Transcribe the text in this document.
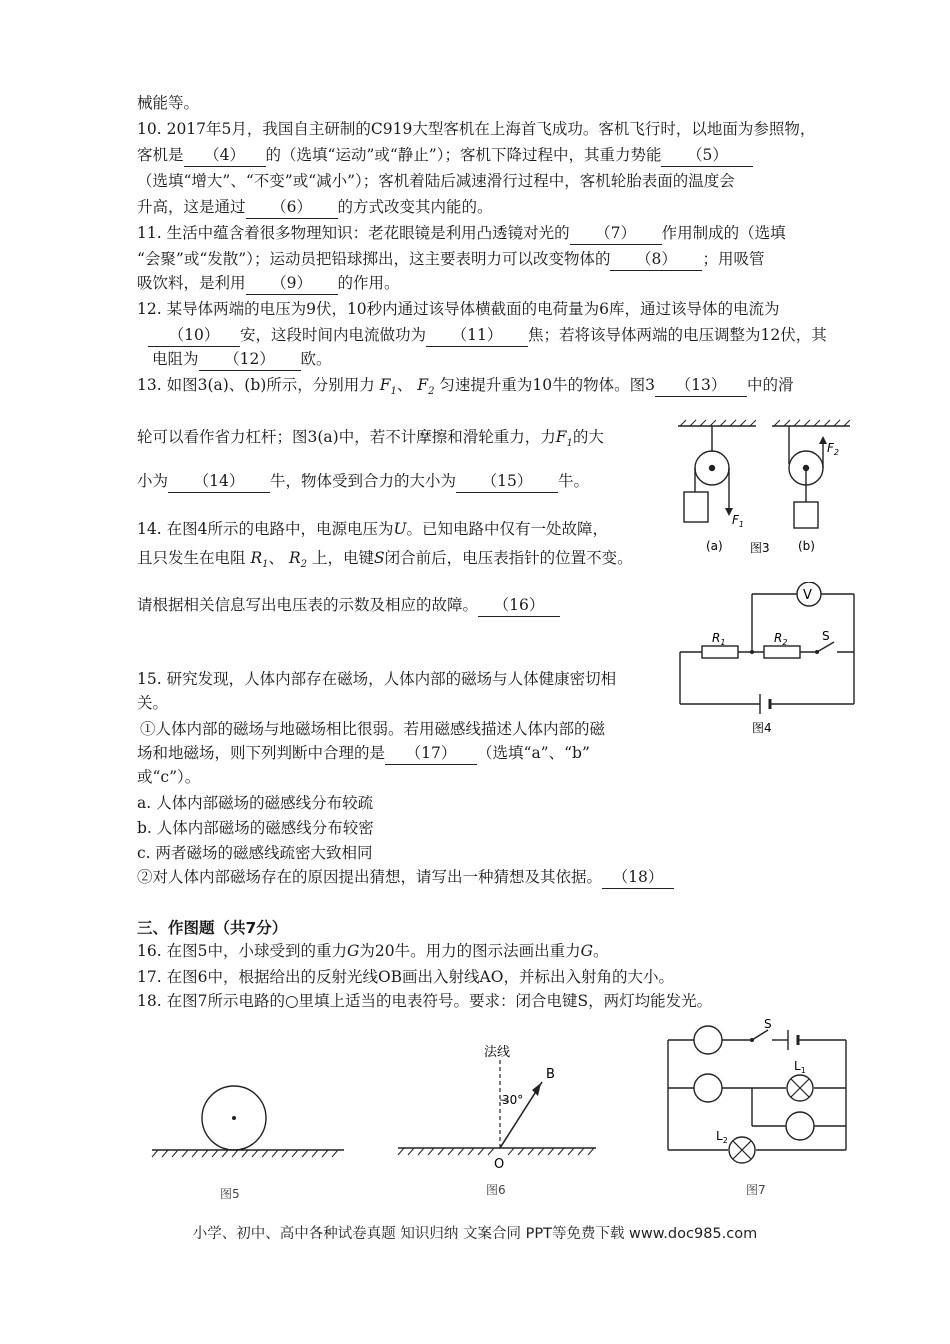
械能等。
10. 2017年5月，我国自主研制的C919大型客机在上海首飞成功。客机飞行时，以地面为参照物，
客机是 （4） 的（选填“运动”或“静止”）；客机下降过程中，其重力势能 （5）
（选填“增大”、“不变”或“减小”）；客机着陆后减速滑行过程中，客机轮胎表面的温度会
升高，这是通过 （6） 的方式改变其内能的。
11. 生活中蕴含着很多物理知识：老花眼镜是利用凸透镜对光的 （7） 作用制成的（选填
“会聚”或“发散”）；运动员把铅球掷出，这主要表明力可以改变物体的 （8） ；用吸管
吸饮料，是利用 （9） 的作用。
12. 某导体两端的电压为9伏，10秒内通过该导体横截面的电荷量为6库，通过该导体的电流为
（10） 安，这段时间内电流做功为 （11） 焦；若将该导体两端的电压调整为12伏，其
电阻为 （12） 欧。
13. 如图3(a)、(b)所示，分别用力 $F_1$、 $F_2$ 匀速提升重为10牛的物体。图3 （13） 中的滑
轮可以看作省力杠杆；图3(a)中，若不计摩擦和滑轮重力，力$F_1$的大
小为 （14） 牛，物体受到合力的大小为 （15） 牛。
14. 在图4所示的电路中，电源电压为U。已知电路中仅有一处故障，
且只发生在电阻 $R_1$、 $R_2$ 上，电键S闭合前后，电压表指针的位置不变。
请根据相关信息写出电压表的示数及相应的故障。 （16）
15. 研究发现，人体内部存在磁场，人体内部的磁场与人体健康密切相
关。
①人体内部的磁场与地磁场相比很弱。若用磁感线描述人体内部的磁
场和地磁场，则下列判断中合理的是 （17） （选填“a”、“b”
或“c”）。
a. 人体内部磁场的磁感线分布较疏
b. 人体内部磁场的磁感线分布较密
c. 两者磁场的磁感线疏密大致相同
②对人体内部磁场存在的原因提出猜想，请写出一种猜想及其依据。 （18）
三、作图题（共7分）
16. 在图5中，小球受到的重力G为20牛。用力的图示法画出重力G。
17. 在图6中，根据给出的反射光线OB画出入射线AO，并标出入射角的大小。
18. 在图7所示电路的○里填上适当的电表符号。要求：闭合电键S，两灯均能发光。
$F_1$
$F_2$
(a) 图3 (b)
V
$R_1$	$R_2$	S
图4
图5
法线
30°
B
O
图6
S
$L_1$
$L_2$
图7
小学、初中、高中各种试卷真题 知识归纳 文案合同 PPT等免费下载 www.doc985.com
